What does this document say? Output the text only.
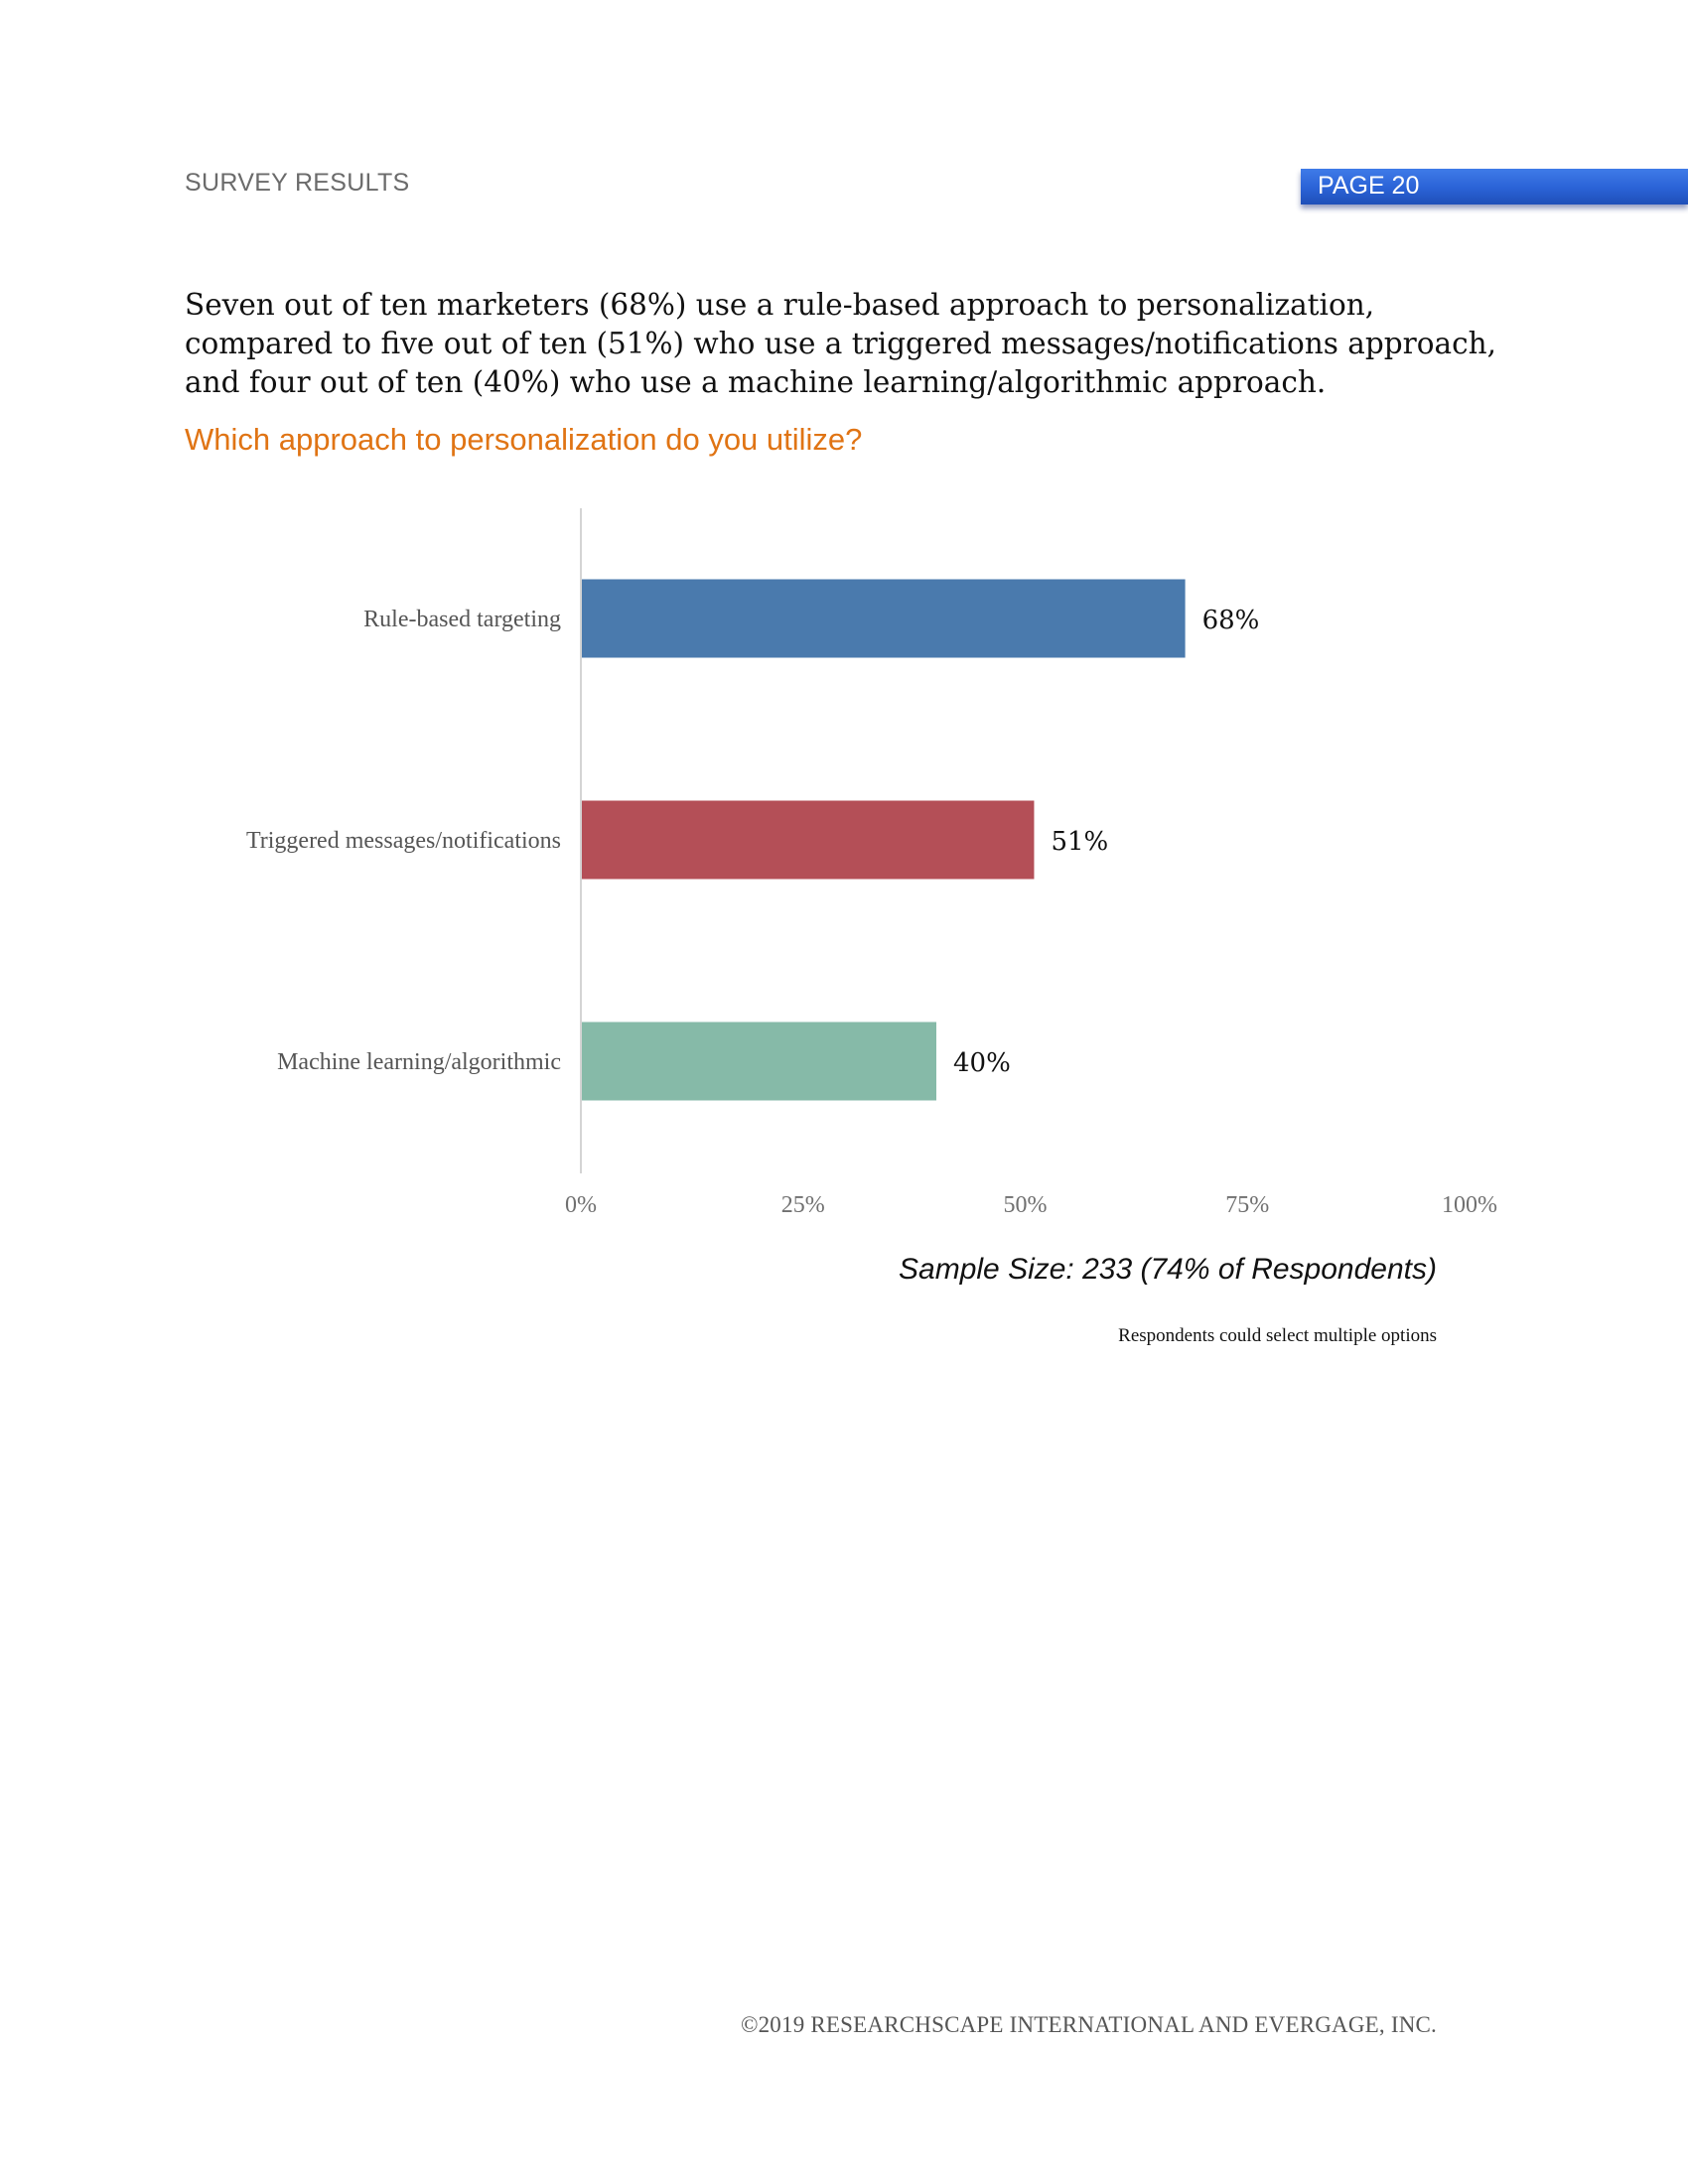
SURVEY RESULTS	PAGE 20
Seven out of ten marketers (68%) use a rule-based approach to personalization, compared to five out of ten (51%) who use a triggered messages/notifications approach, and four out of ten (40%) who use a machine learning/algorithmic approach.
Which approach to personalization do you utilize?
Rule-based targeting	68%
Triggered messages/notifications	51%
Machine learning/algorithmic	40%
0%	25%	50%	75%	100%
Sample Size: 233 (74% of Respondents)
Respondents could select multiple options
©2019 RESEARCHSCAPE INTERNATIONAL AND EVERGAGE, INC.
